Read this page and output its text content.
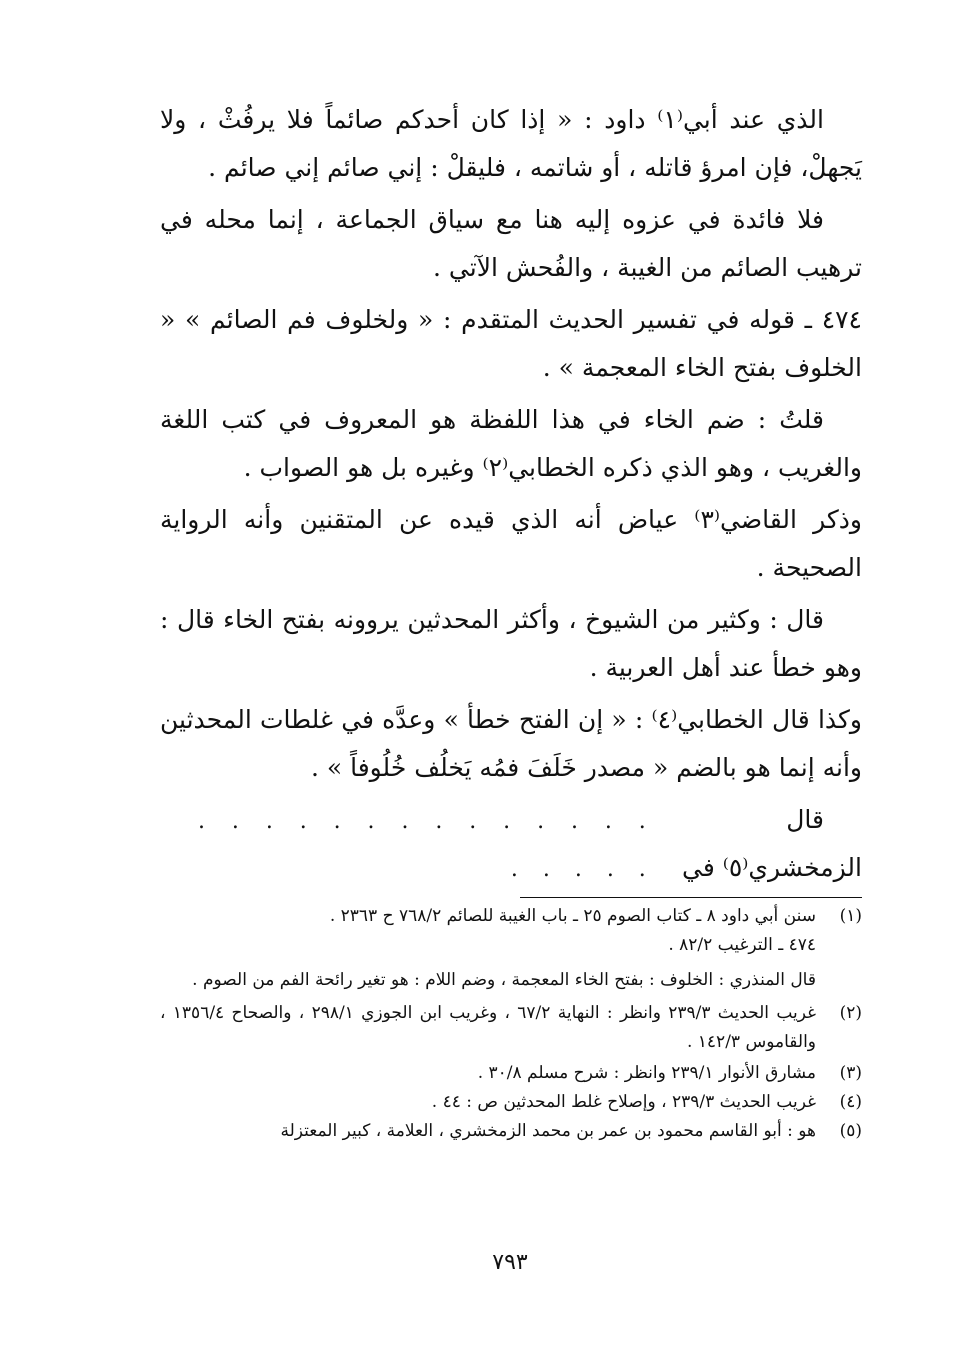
الذي عند أبي⁽١⁾ داود : « إذا كان أحدكم صائماً فلا يرفُثْ ، ولا يَجهلْ، فإن امرؤ قاتله ، أو شاتمه ، فليقلْ : إني صائم إني صائم .

فلا فائدة في عزوه إليه هنا مع سياق الجماعة ، إنما محله في ترهيب الصائم من الغيبة ، والفُحش الآتي .

٤٧٤ ـ قوله في تفسير الحديث المتقدم : « ولخلوف فم الصائم » « الخلوف بفتح الخاء المعجمة » .

قلتُ : ضم الخاء في هذا اللفظة هو المعروف في كتب اللغة والغريب ، وهو الذي ذكره الخطابي⁽٢⁾ وغيره بل هو الصواب .

وذكر القاضي⁽٣⁾ عياض أنه الذي قيده عن المتقنين وأنه الرواية الصحيحة .

قال : وكثير من الشيوخ ، وأكثر المحدثين يروونه بفتح الخاء قال : وهو خطأ عند أهل العربية .

وكذا قال الخطابي⁽٤⁾ : « إن الفتح خطأ » وعدَّه في غلطات المحدثين وأنه إنما هو بالضم « مصدر خَلَفَ فمُه يَخلُف خُلُوفاً » .

قال الزمخشري⁽٥⁾ في
. . . . . . . . . . . . . . . . . . .
(١)
سنن أبي داود ٨ ـ كتاب الصوم ٢٥ ـ باب الغيبة للصائم ٧٦٨/٢ ح ٢٣٦٣ .
٤٧٤ ـ الترغيب ٨٢/٢ .
قال المنذري : الخلوف : بفتح الخاء المعجمة ، وضم اللام : هو تغير رائحة الفم من الصوم .
(٢)
غريب الحديث ٢٣٩/٣ وانظر : النهاية ٦٧/٢ ، وغريب ابن الجوزي ٢٩٨/١ ، والصحاح ١٣٥٦/٤ ، والقاموس ١٤٢/٣ .
(٣)
مشارق الأنوار ٢٣٩/١ وانظر : شرح مسلم ٣٠/٨ .
(٤)
غريب الحديث ٢٣٩/٣ ، وإصلاح غلط المحدثين ص : ٤٤ .
(٥)
هو : أبو القاسم محمود بن عمر بن محمد الزمخشري ، العلامة ، كبير المعتزلة
٧٩٣
